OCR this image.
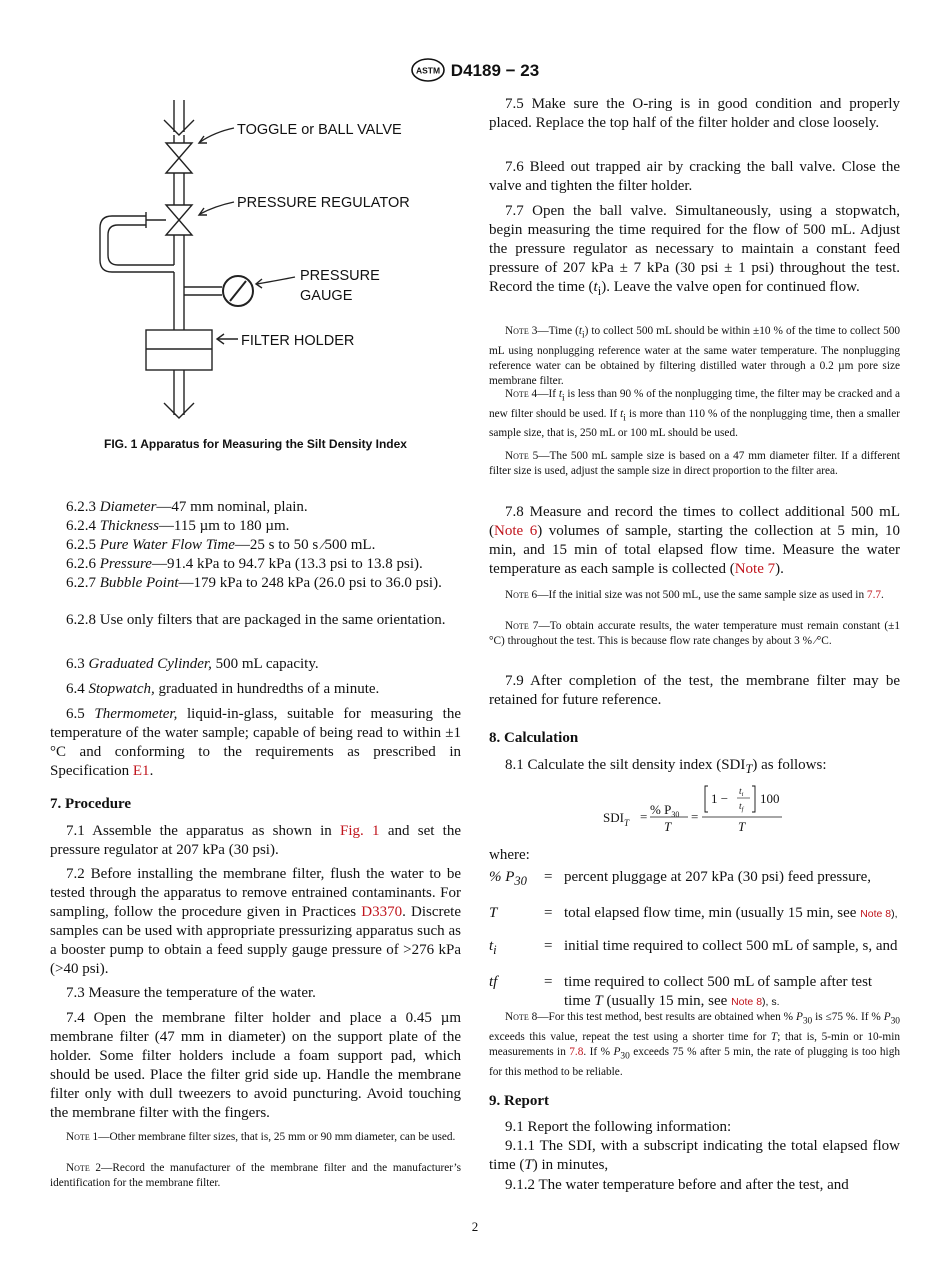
ASTM D4189 − 23
TOGGLE or BALL VALVE
PRESSURE REGULATOR
PRESSURE
GAUGE
FILTER HOLDER
FIG. 1 Apparatus for Measuring the Silt Density Index
6.2.3 Diameter—47 mm nominal, plain.
6.2.4 Thickness—115 µm to 180 µm.
6.2.5 Pure Water Flow Time—25 s to 50 s ⁄500 mL.
6.2.6 Pressure—91.4 kPa to 94.7 kPa (13.3 psi to 13.8 psi).
6.2.7 Bubble Point—179 kPa to 248 kPa (26.0 psi to 36.0 psi).
6.2.8 Use only filters that are packaged in the same orientation.
6.3 Graduated Cylinder, 500 mL capacity.
6.4 Stopwatch, graduated in hundredths of a minute.
6.5 Thermometer, liquid-in-glass, suitable for measuring the temperature of the water sample; capable of being read to within ±1 °C and conforming to the requirements as prescribed in Specification E1.
7. Procedure
7.1 Assemble the apparatus as shown in Fig. 1 and set the pressure regulator at 207 kPa (30 psi).
7.2 Before installing the membrane filter, flush the water to be tested through the apparatus to remove entrained contaminants. For sampling, follow the procedure given in Practices D3370. Discrete samples can be used with appropriate pressurizing apparatus such as a booster pump to obtain a feed supply gauge pressure of >276 kPa (>40 psi).
7.3 Measure the temperature of the water.
7.4 Open the membrane filter holder and place a 0.45 µm membrane filter (47 mm in diameter) on the support plate of the holder. Some filter holders include a foam support pad, which should be used. Place the filter grid side up. Handle the membrane filter only with dull tweezers to avoid puncturing. Avoid touching the membrane filter with the fingers.
Note 1—Other membrane filter sizes, that is, 25 mm or 90 mm diameter, can be used.
Note 2—Record the manufacturer of the membrane filter and the manufacturer’s identification for the membrane filter.
7.5 Make sure the O-ring is in good condition and properly placed. Replace the top half of the filter holder and close loosely.
7.6 Bleed out trapped air by cracking the ball valve. Close the valve and tighten the filter holder.
7.7 Open the ball valve. Simultaneously, using a stopwatch, begin measuring the time required for the flow of 500 mL. Adjust the pressure regulator as necessary to maintain a constant feed pressure of 207 kPa ± 7 kPa (30 psi ± 1 psi) throughout the test. Record the time $(t_i)$. Leave the valve open for continued flow.
Note 3—Time $(t_i)$ to collect 500 mL should be within ±10 % of the time to collect 500 mL using nonplugging reference water at the same water temperature. The nonplugging reference water can be obtained by filtering distilled water through a 0.2 µm pore size membrane filter.
Note 4—If $t_i$ is less than 90 % of the nonplugging time, the filter may be cracked and a new filter should be used. If $t_i$ is more than 110 % of the nonplugging time, then a smaller sample size, that is, 250 mL or 100 mL should be used.
Note 5—The 500 mL sample size is based on a 47 mm diameter filter. If a different filter size is used, adjust the sample size in direct proportion to the filter area.
7.8 Measure and record the times to collect additional 500 mL (Note 6) volumes of sample, starting the collection at 5 min, 10 min, and 15 min of total elapsed flow time. Measure the water temperature as each sample is collected (Note 7).
Note 6—If the initial size was not 500 mL, use the same sample size as used in 7.7.
Note 7—To obtain accurate results, the water temperature must remain constant (±1 °C) throughout the test. This is because flow rate changes by about 3 % ⁄°C.
7.9 After completion of the test, the membrane filter may be retained for future reference.
8. Calculation
8.1 Calculate the silt density index $(SDI_T)$ as follows:
$SDI_T$ = % $P_{30}$
T
=
$1 - t_i$
$t_f$
100
T
where:
% $P_{30}$ = percent pluggage at 207 kPa (30 psi) feed pressure,
T	= total elapsed flow time, min (usually 15 min, see Note 8),
$t_i$	= initial time required to collect 500 mL of sample, s, and
tf	= time required to collect 500 mL of sample after test time T (usually 15 min, see Note 8), s.
Note 8—For this test method, best results are obtained when % $P_{30}$ is ≤75 %. If % $P_{30}$ exceeds this value, repeat the test using a shorter time for T; that is, 5-min or 10-min measurements in 7.8. If % $P_{30}$ exceeds 75 % after 5 min, the rate of plugging is too high for this method to be reliable.
9. Report
9.1 Report the following information:
9.1.1 The SDI, with a subscript indicating the total elapsed flow time (T) in minutes,
9.1.2 The water temperature before and after the test, and
2
